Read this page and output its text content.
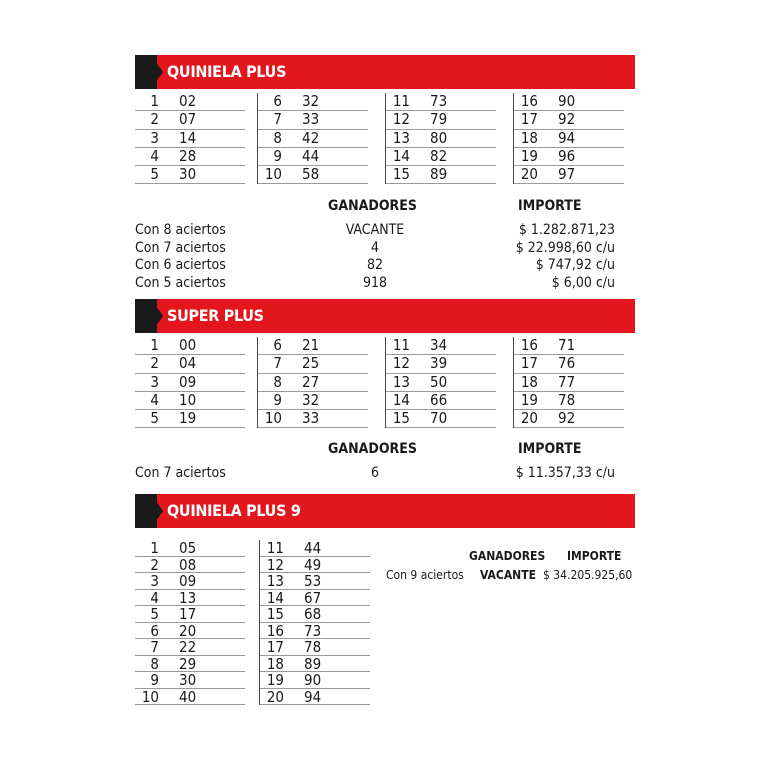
QUINIELA PLUS
1 02
2 07
3 14
4 28
5 30
6 32
7 33
8 42
9 44
10 58
11 73
12 79
13 80
14 82
15 89
16 90
17 92
18 94
19 96
20 97
GANADORES	IMPORTE
Con 8 aciertos	VACANTE	$ 1.282.871,23
Con 7 aciertos	4	$ 22.998,60 c/u
Con 6 aciertos	82	$ 747,92 c/u
Con 5 aciertos	918	$ 6,00 c/u
SUPER PLUS
1 00
2 04
3 09
4 10
5 19
6 21
7 25
8 27
9 32
10 33
11 34
12 39
13 50
14 66
15 70
16 71
17 76
18 77
19 78
20 92
GANADORES	IMPORTE
Con 7 aciertos	6	$ 11.357,33 c/u
QUINIELA PLUS 9
1 05
2 08
3 09
4 13
5 17
6 20
7 22
8 29
9 30
10 40
11 44
12 49
13 53
14 67
15 68
16 73
17 78
18 89
19 90
20 94
GANADORES IMPORTE
Con 9 aciertos VACANTE $ 34.205.925,60
